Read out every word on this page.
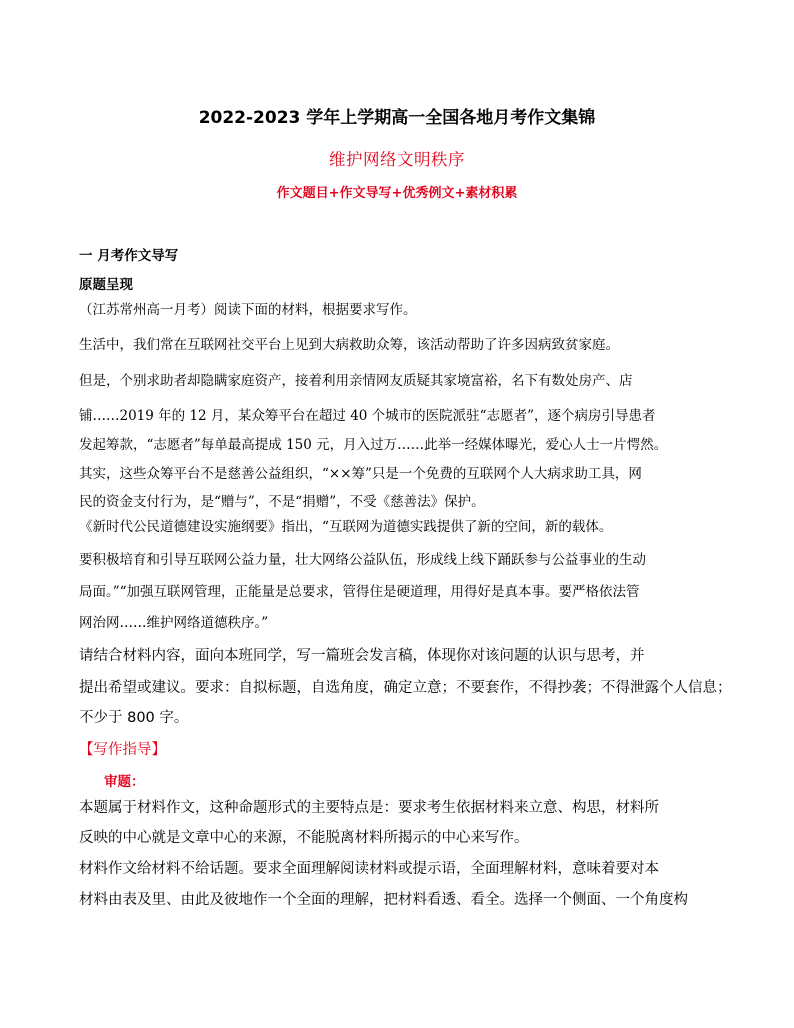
2022-2023 学年上学期高一全国各地月考作文集锦
维护网络文明秩序
作文题目+作文导写+优秀例文+素材积累
一 月考作文导写
原题呈现
（江苏常州高一月考）阅读下面的材料，根据要求写作。
生活中，我们常在互联网社交平台上见到大病救助众筹，该活动帮助了许多因病致贫家庭。
但是，个别求助者却隐瞒家庭资产，接着利用亲情网友质疑其家境富裕，名下有数处房产、店
铺……2019 年的 12 月，某众筹平台在超过 40 个城市的医院派驻“志愿者”，逐个病房引导患者
发起筹款，“志愿者”每单最高提成 150 元，月入过万……此举一经媒体曝光，爱心人士一片愕然。
其实，这些众筹平台不是慈善公益组织，“××筹”只是一个免费的互联网个人大病求助工具，网
民的资金支付行为，是“赠与”，不是“捐赠”，不受《慈善法》保护。
《新时代公民道德建设实施纲要》指出，“互联网为道德实践提供了新的空间，新的载体。
要积极培育和引导互联网公益力量，壮大网络公益队伍，形成线上线下踊跃参与公益事业的生动
局面。”“加强互联网管理，正能量是总要求，管得住是硬道理，用得好是真本事。要严格依法管
网治网……维护网络道德秩序。”
请结合材料内容，面向本班同学，写一篇班会发言稿，体现你对该问题的认识与思考，并
提出希望或建议。要求：自拟标题，自选角度，确定立意；不要套作，不得抄袭；不得泄露个人信息；
不少于 800 字。
【写作指导】
审题：
本题属于材料作文，这种命题形式的主要特点是：要求考生依据材料来立意、构思，材料所
反映的中心就是文章中心的来源，不能脱离材料所揭示的中心来写作。
材料作文给材料不给话题。要求全面理解阅读材料或提示语，全面理解材料，意味着要对本
材料由表及里、由此及彼地作一个全面的理解，把材料看透、看全。选择一个侧面、一个角度构
